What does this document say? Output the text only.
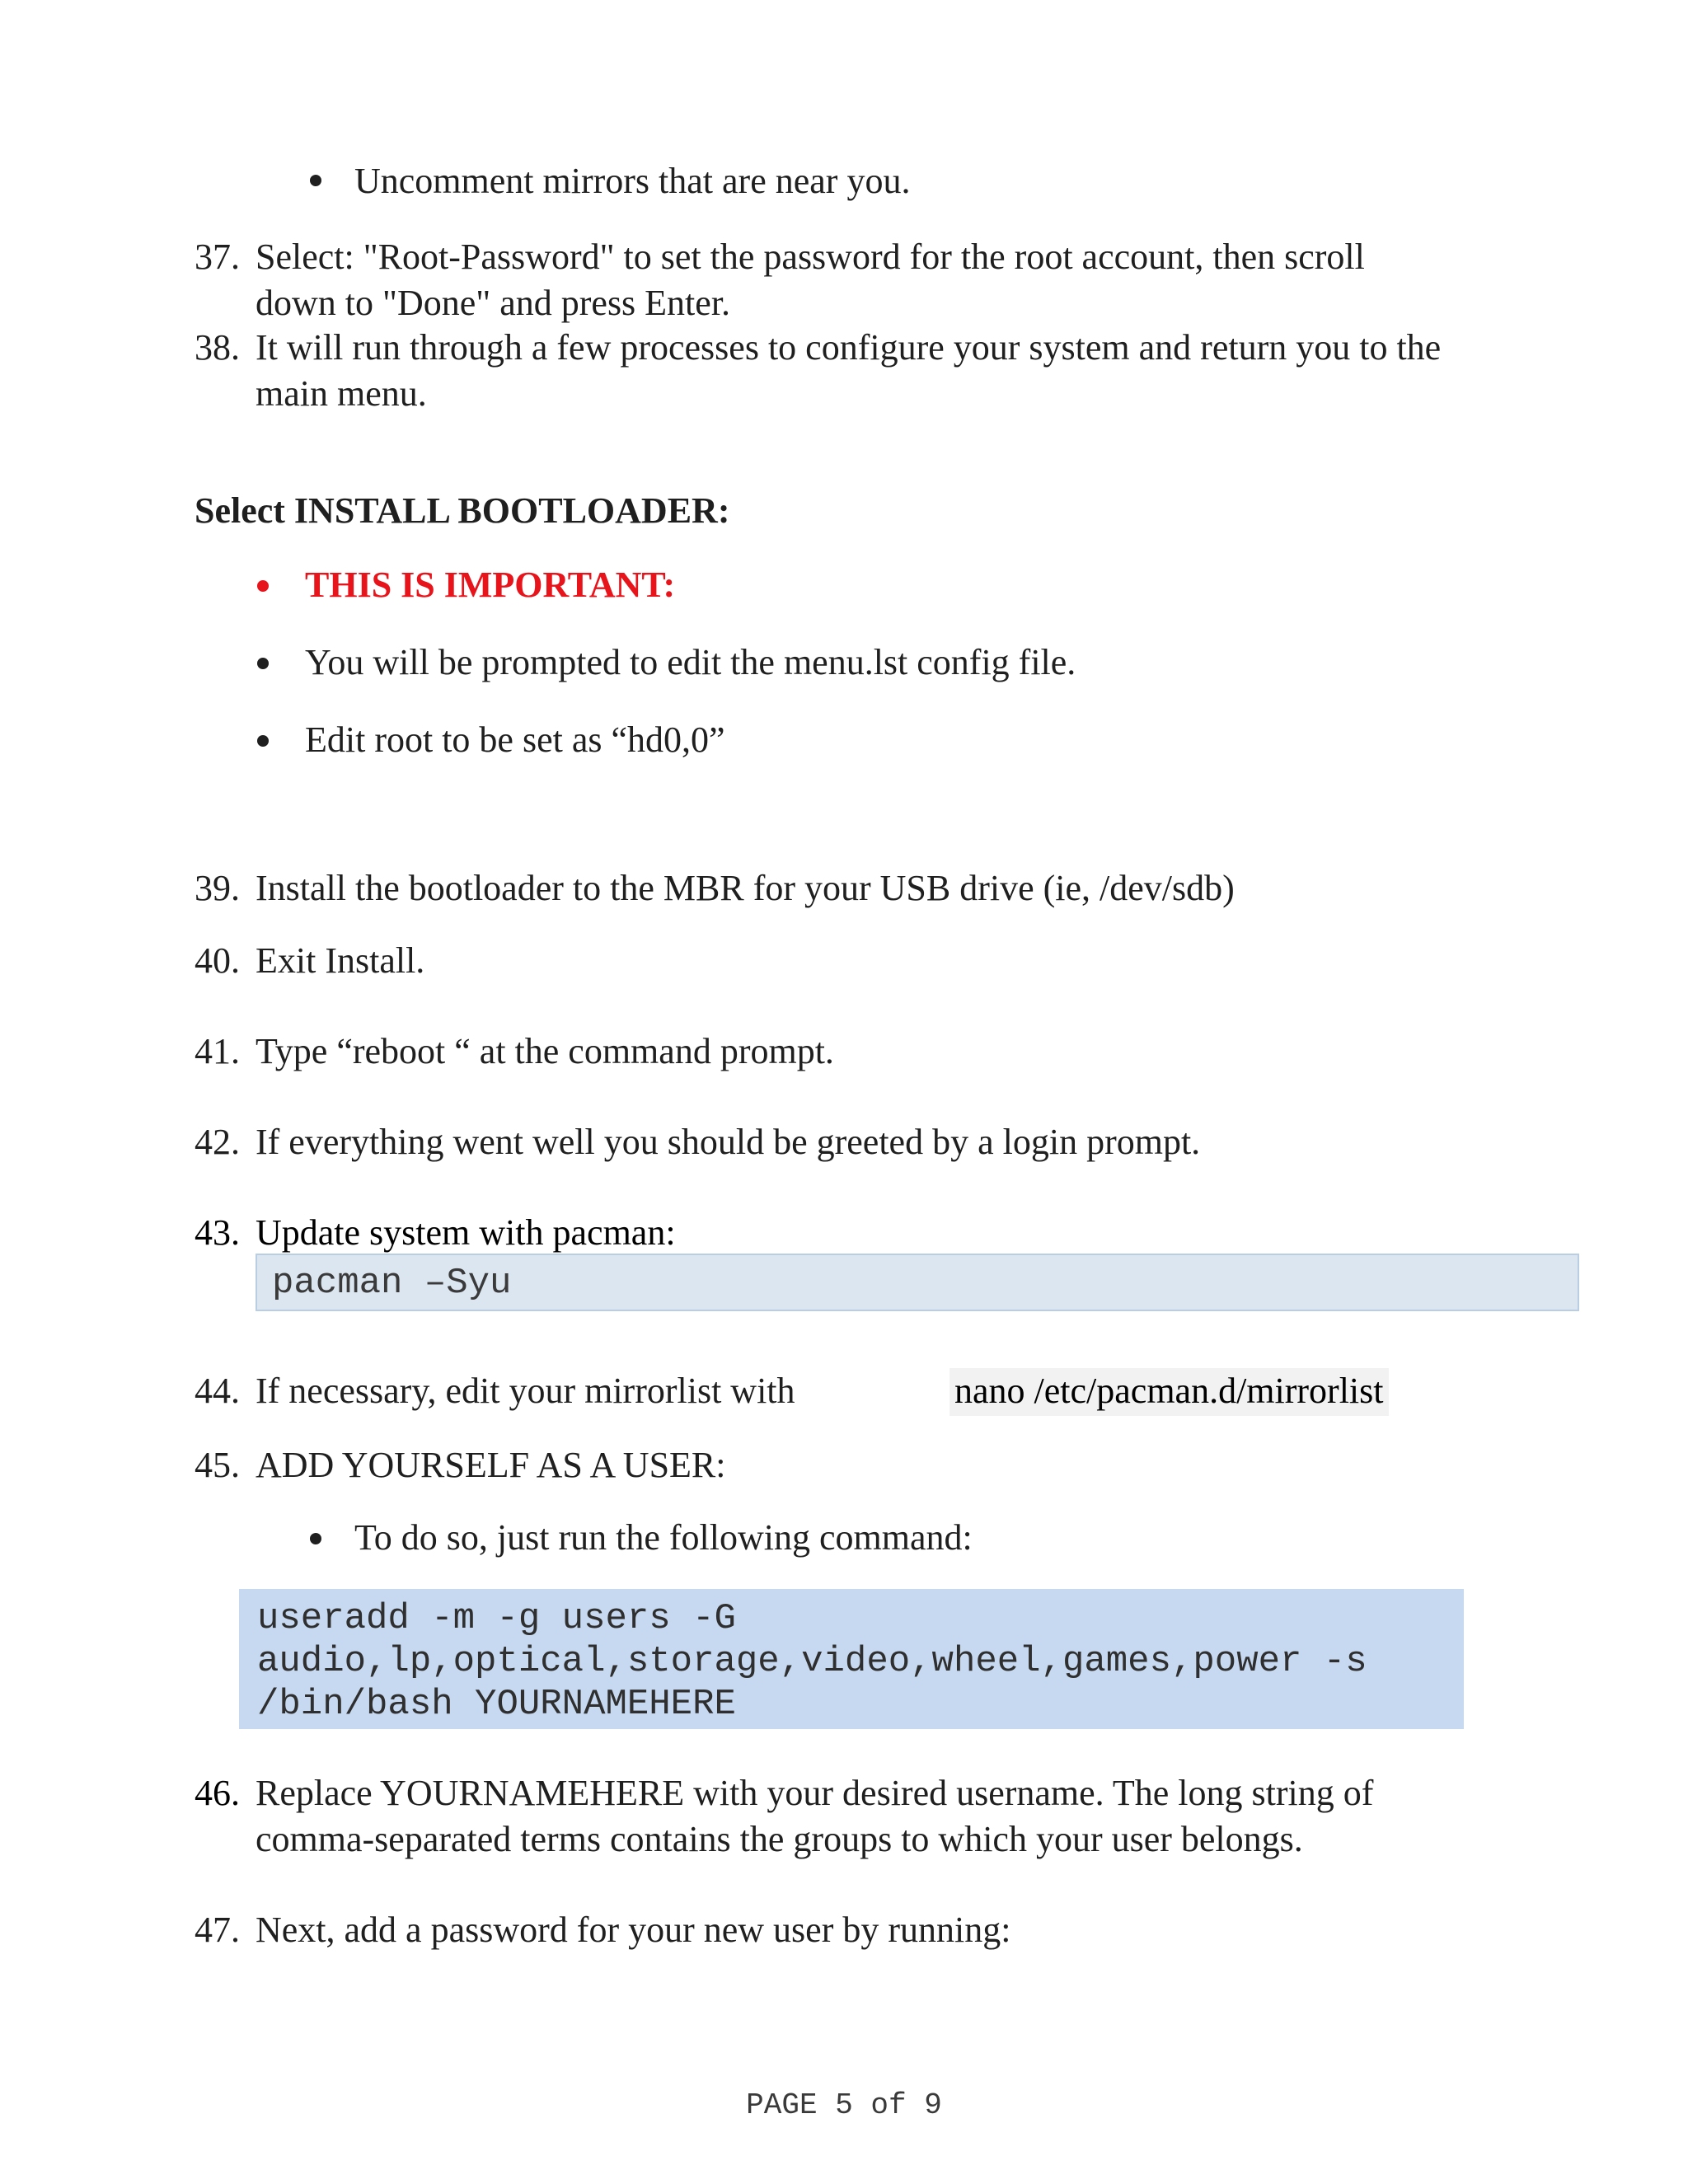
Uncomment mirrors that are near you.
37. Select: "Root-Password" to set the password for the root account, then scroll
down to "Done" and press Enter.
38. It will run through a few processes to configure your system and return you to the
main menu.
Select INSTALL BOOTLOADER:
THIS IS IMPORTANT:
You will be prompted to edit the menu.lst config file.
Edit root to be set as “hd0,0”
39. Install the bootloader to the MBR for your USB drive (ie, /dev/sdb)
40. Exit Install.
41. Type “reboot “ at the command prompt.
42. If everything went well you should be greeted by a login prompt.
43. Update system with pacman:
pacman –Syu
44. If necessary, edit your mirrorlist with	nano /etc/pacman.d/mirrorlist
45. ADD YOURSELF AS A USER:
To do so, just run the following command:
useradd -m -g users -G
audio,lp,optical,storage,video,wheel,games,power -s
/bin/bash YOURNAMEHERE
46. Replace YOURNAMEHERE with your desired username. The long string of
comma-separated terms contains the groups to which your user belongs.
47. Next, add a password for your new user by running:
PAGE 5 of 9
